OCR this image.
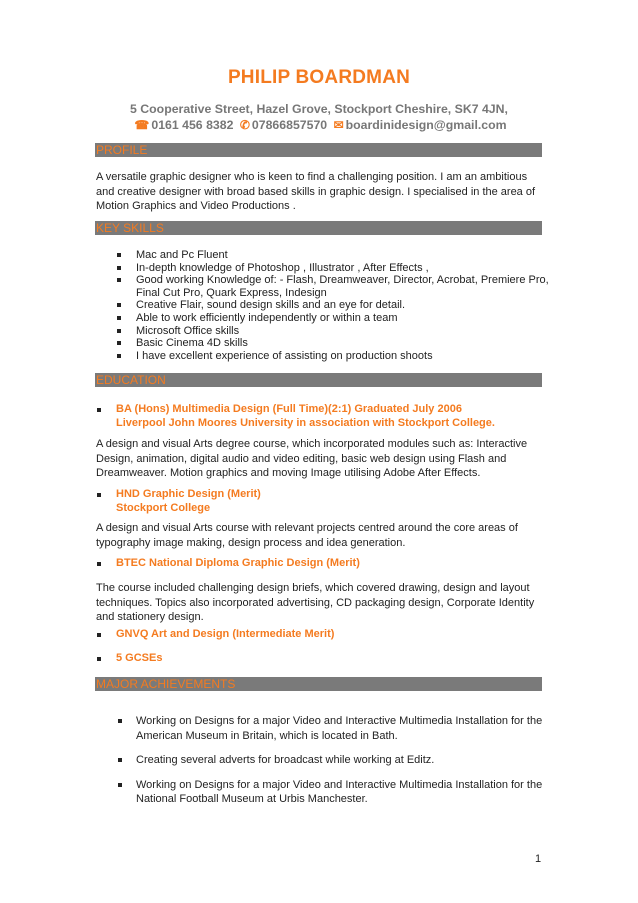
PHILIP BOARDMAN
5 Cooperative Street, Hazel Grove, Stockport Cheshire, SK7 4JN,
☎ 0161 456 8382 ✆ 07866857570 ✉ boardinidesign@gmail.com
PROFILE
A versatile graphic designer who is keen to find a challenging position. I am an ambitious and creative designer with broad based skills in graphic design. I specialised in the area of Motion Graphics and Video Productions .
KEY SKILLS
Mac and Pc Fluent
In-depth knowledge of Photoshop , Illustrator , After Effects ,
Good working Knowledge of: - Flash, Dreamweaver, Director, Acrobat, Premiere Pro, Final Cut Pro, Quark Express, Indesign
Creative Flair, sound design skills and an eye for detail.
Able to work efficiently independently or within a team
Microsoft Office skills
Basic Cinema 4D skills
I have excellent experience of assisting on production shoots
EDUCATION
BA (Hons) Multimedia Design (Full Time)(2:1) Graduated July 2006
Liverpool John Moores University in association with Stockport College.
A design and visual Arts degree course, which incorporated modules such as: Interactive Design, animation, digital audio and video editing, basic web design using Flash and Dreamweaver. Motion graphics and moving Image utilising Adobe After Effects.
HND Graphic Design (Merit)
Stockport College
A design and visual Arts course with relevant projects centred around the core areas of typography image making, design process and idea generation.
BTEC National Diploma Graphic Design (Merit)
The course included challenging design briefs, which covered drawing, design and layout techniques. Topics also incorporated advertising, CD packaging design, Corporate Identity and stationery design.
GNVQ Art and Design (Intermediate Merit)
5 GCSEs
MAJOR ACHIEVEMENTS
Working on Designs for a major Video and Interactive Multimedia Installation for the American Museum in Britain, which is located in Bath.
Creating several adverts for broadcast while working at Editz.
Working on Designs for a major Video and Interactive Multimedia Installation for the National Football Museum at Urbis Manchester.
1
